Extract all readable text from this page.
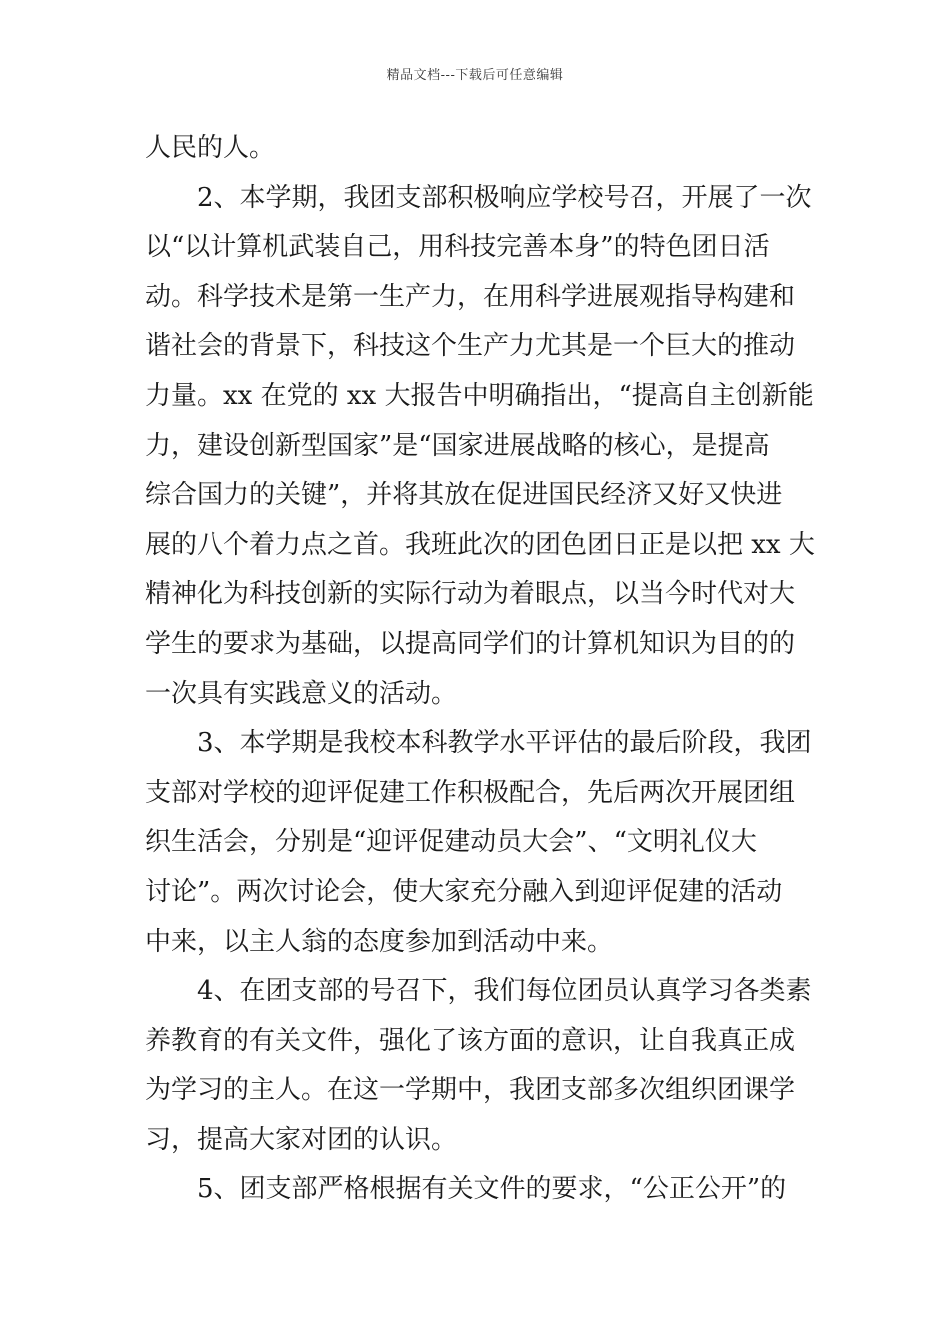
精品文档---下载后可任意编辑
人民的人。
2、本学期，我团支部积极响应学校号召，开展了一次
以“以计算机武装自己，用科技完善本身”的特色团日活
动。科学技术是第一生产力，在用科学进展观指导构建和
谐社会的背景下，科技这个生产力尤其是一个巨大的推动
力量。xx 在党的 xx 大报告中明确指出，“提高自主创新能
力，建设创新型国家”是“国家进展战略的核心，是提高
综合国力的关键”，并将其放在促进国民经济又好又快进
展的八个着力点之首。我班此次的团色团日正是以把 xx 大
精神化为科技创新的实际行动为着眼点，以当今时代对大
学生的要求为基础，以提高同学们的计算机知识为目的的
一次具有实践意义的活动。
3、本学期是我校本科教学水平评估的最后阶段，我团
支部对学校的迎评促建工作积极配合，先后两次开展团组
织生活会，分别是“迎评促建动员大会”、“文明礼仪大
讨论”。两次讨论会，使大家充分融入到迎评促建的活动
中来，以主人翁的态度参加到活动中来。
4、在团支部的号召下，我们每位团员认真学习各类素
养教育的有关文件，强化了该方面的意识，让自我真正成
为学习的主人。在这一学期中，我团支部多次组织团课学
习，提高大家对团的认识。
5、团支部严格根据有关文件的要求，“公正公开”的
